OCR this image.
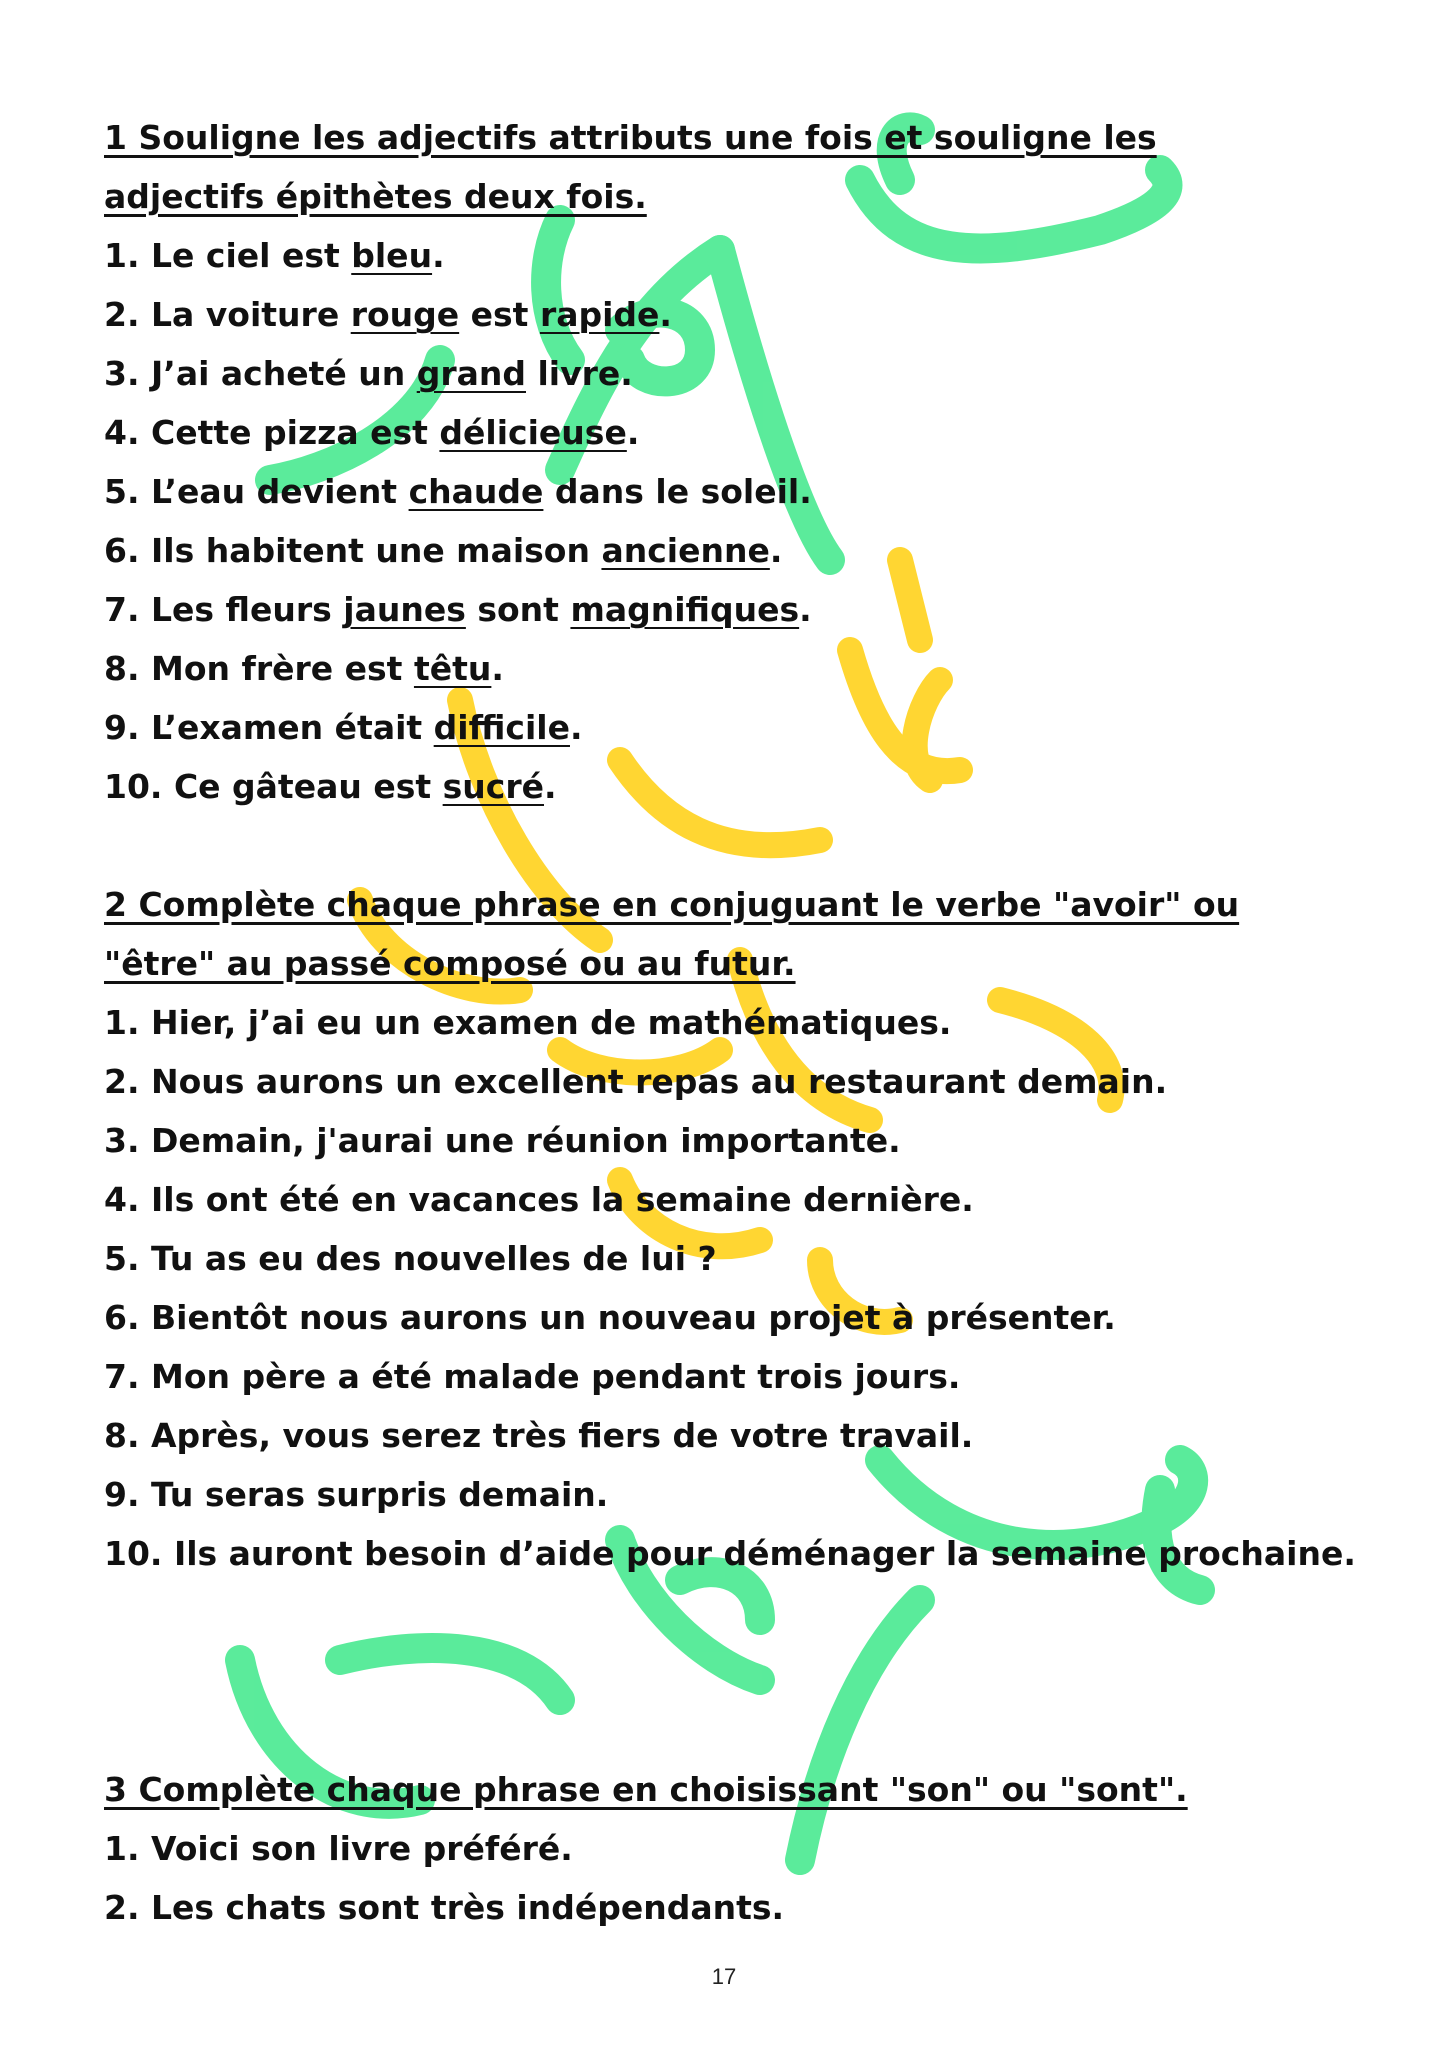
1 Souligne les adjectifs attributs une fois et souligne les adjectifs épithètes deux fois.

1. Le ciel est bleu.

2. La voiture rouge est rapide.

3. J’ai acheté un grand livre.

4. Cette pizza est délicieuse.

5. L’eau devient chaude dans le soleil.

6. Ils habitent une maison ancienne.

7. Les fleurs jaunes sont magnifiques.

8. Mon frère est têtu.

9. L’examen était difficile.

10. Ce gâteau est sucré.

2 Complète chaque phrase en conjuguant le verbe "avoir" ou "être" au passé composé ou au futur.

1. Hier, j’ai eu un examen de mathématiques.

2. Nous aurons un excellent repas au restaurant demain.

3. Demain, j'aurai une réunion importante.

4. Ils ont été en vacances la semaine dernière.

5. Tu as eu des nouvelles de lui ?

6. Bientôt nous aurons un nouveau projet à présenter.

7. Mon père a été malade pendant trois jours.

8. Après, vous serez très fiers de votre travail.

9. Tu seras surpris demain.

10. Ils auront besoin d’aide pour déménager la semaine prochaine.

3 Complète chaque phrase en choisissant "son" ou "sont".

1. Voici son livre préféré.

2. Les chats sont très indépendants.

17
